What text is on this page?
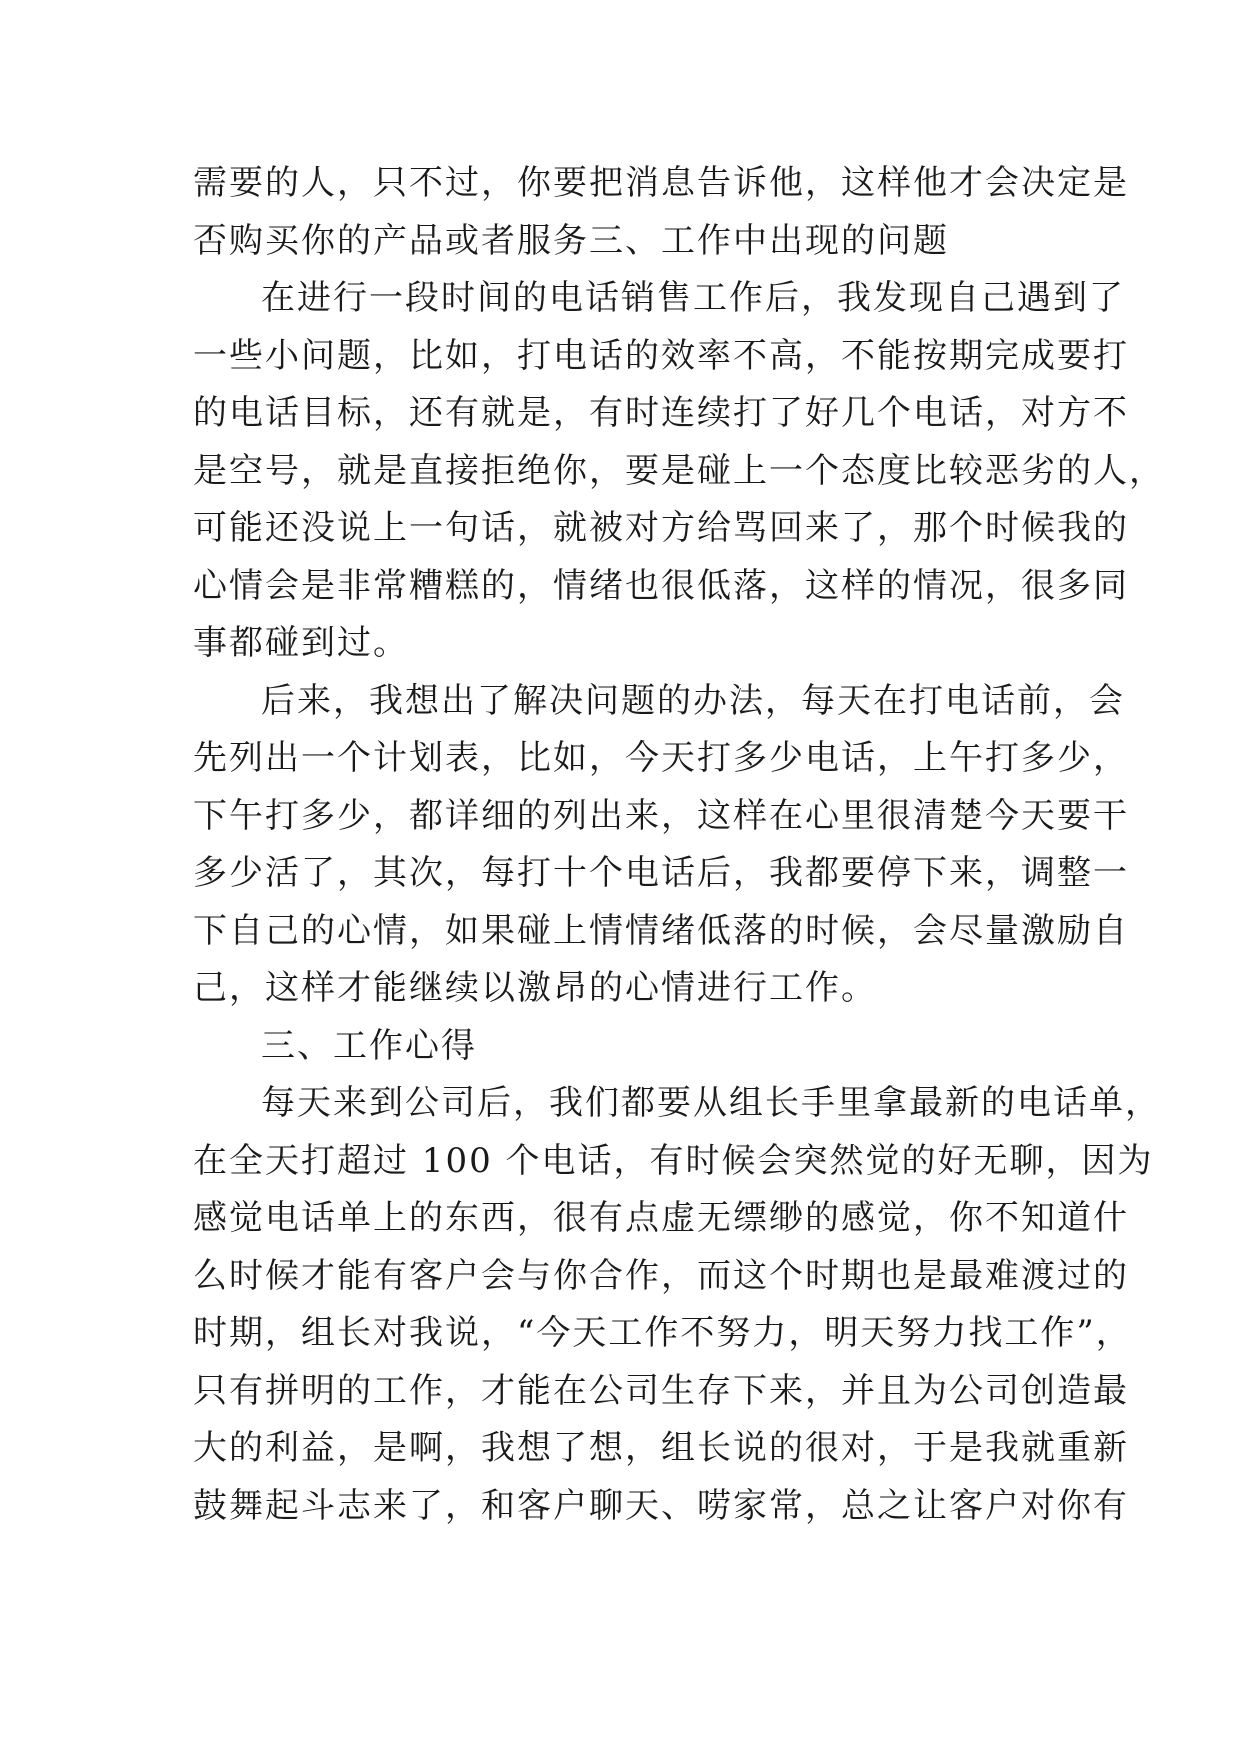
需要的人，只不过，你要把消息告诉他，这样他才会决定是
否购买你的产品或者服务三、工作中出现的问题
在进行一段时间的电话销售工作后，我发现自己遇到了
一些小问题，比如，打电话的效率不高，不能按期完成要打
的电话目标，还有就是，有时连续打了好几个电话，对方不
是空号，就是直接拒绝你，要是碰上一个态度比较恶劣的人，
可能还没说上一句话，就被对方给骂回来了，那个时候我的
心情会是非常糟糕的，情绪也很低落，这样的情况，很多同
事都碰到过。
后来，我想出了解决问题的办法，每天在打电话前，会
先列出一个计划表，比如，今天打多少电话，上午打多少，
下午打多少，都详细的列出来，这样在心里很清楚今天要干
多少活了，其次，每打十个电话后，我都要停下来，调整一
下自己的心情，如果碰上情情绪低落的时候，会尽量激励自
己，这样才能继续以激昂的心情进行工作。
三、工作心得
每天来到公司后，我们都要从组长手里拿最新的电话单，
在全天打超过 100 个电话，有时候会突然觉的好无聊，因为
感觉电话单上的东西，很有点虚无缥缈的感觉，你不知道什
么时候才能有客户会与你合作，而这个时期也是最难渡过的
时期，组长对我说，“今天工作不努力，明天努力找工作”，
只有拼明的工作，才能在公司生存下来，并且为公司创造最
大的利益，是啊，我想了想，组长说的很对，于是我就重新
鼓舞起斗志来了，和客户聊天、唠家常，总之让客户对你有
